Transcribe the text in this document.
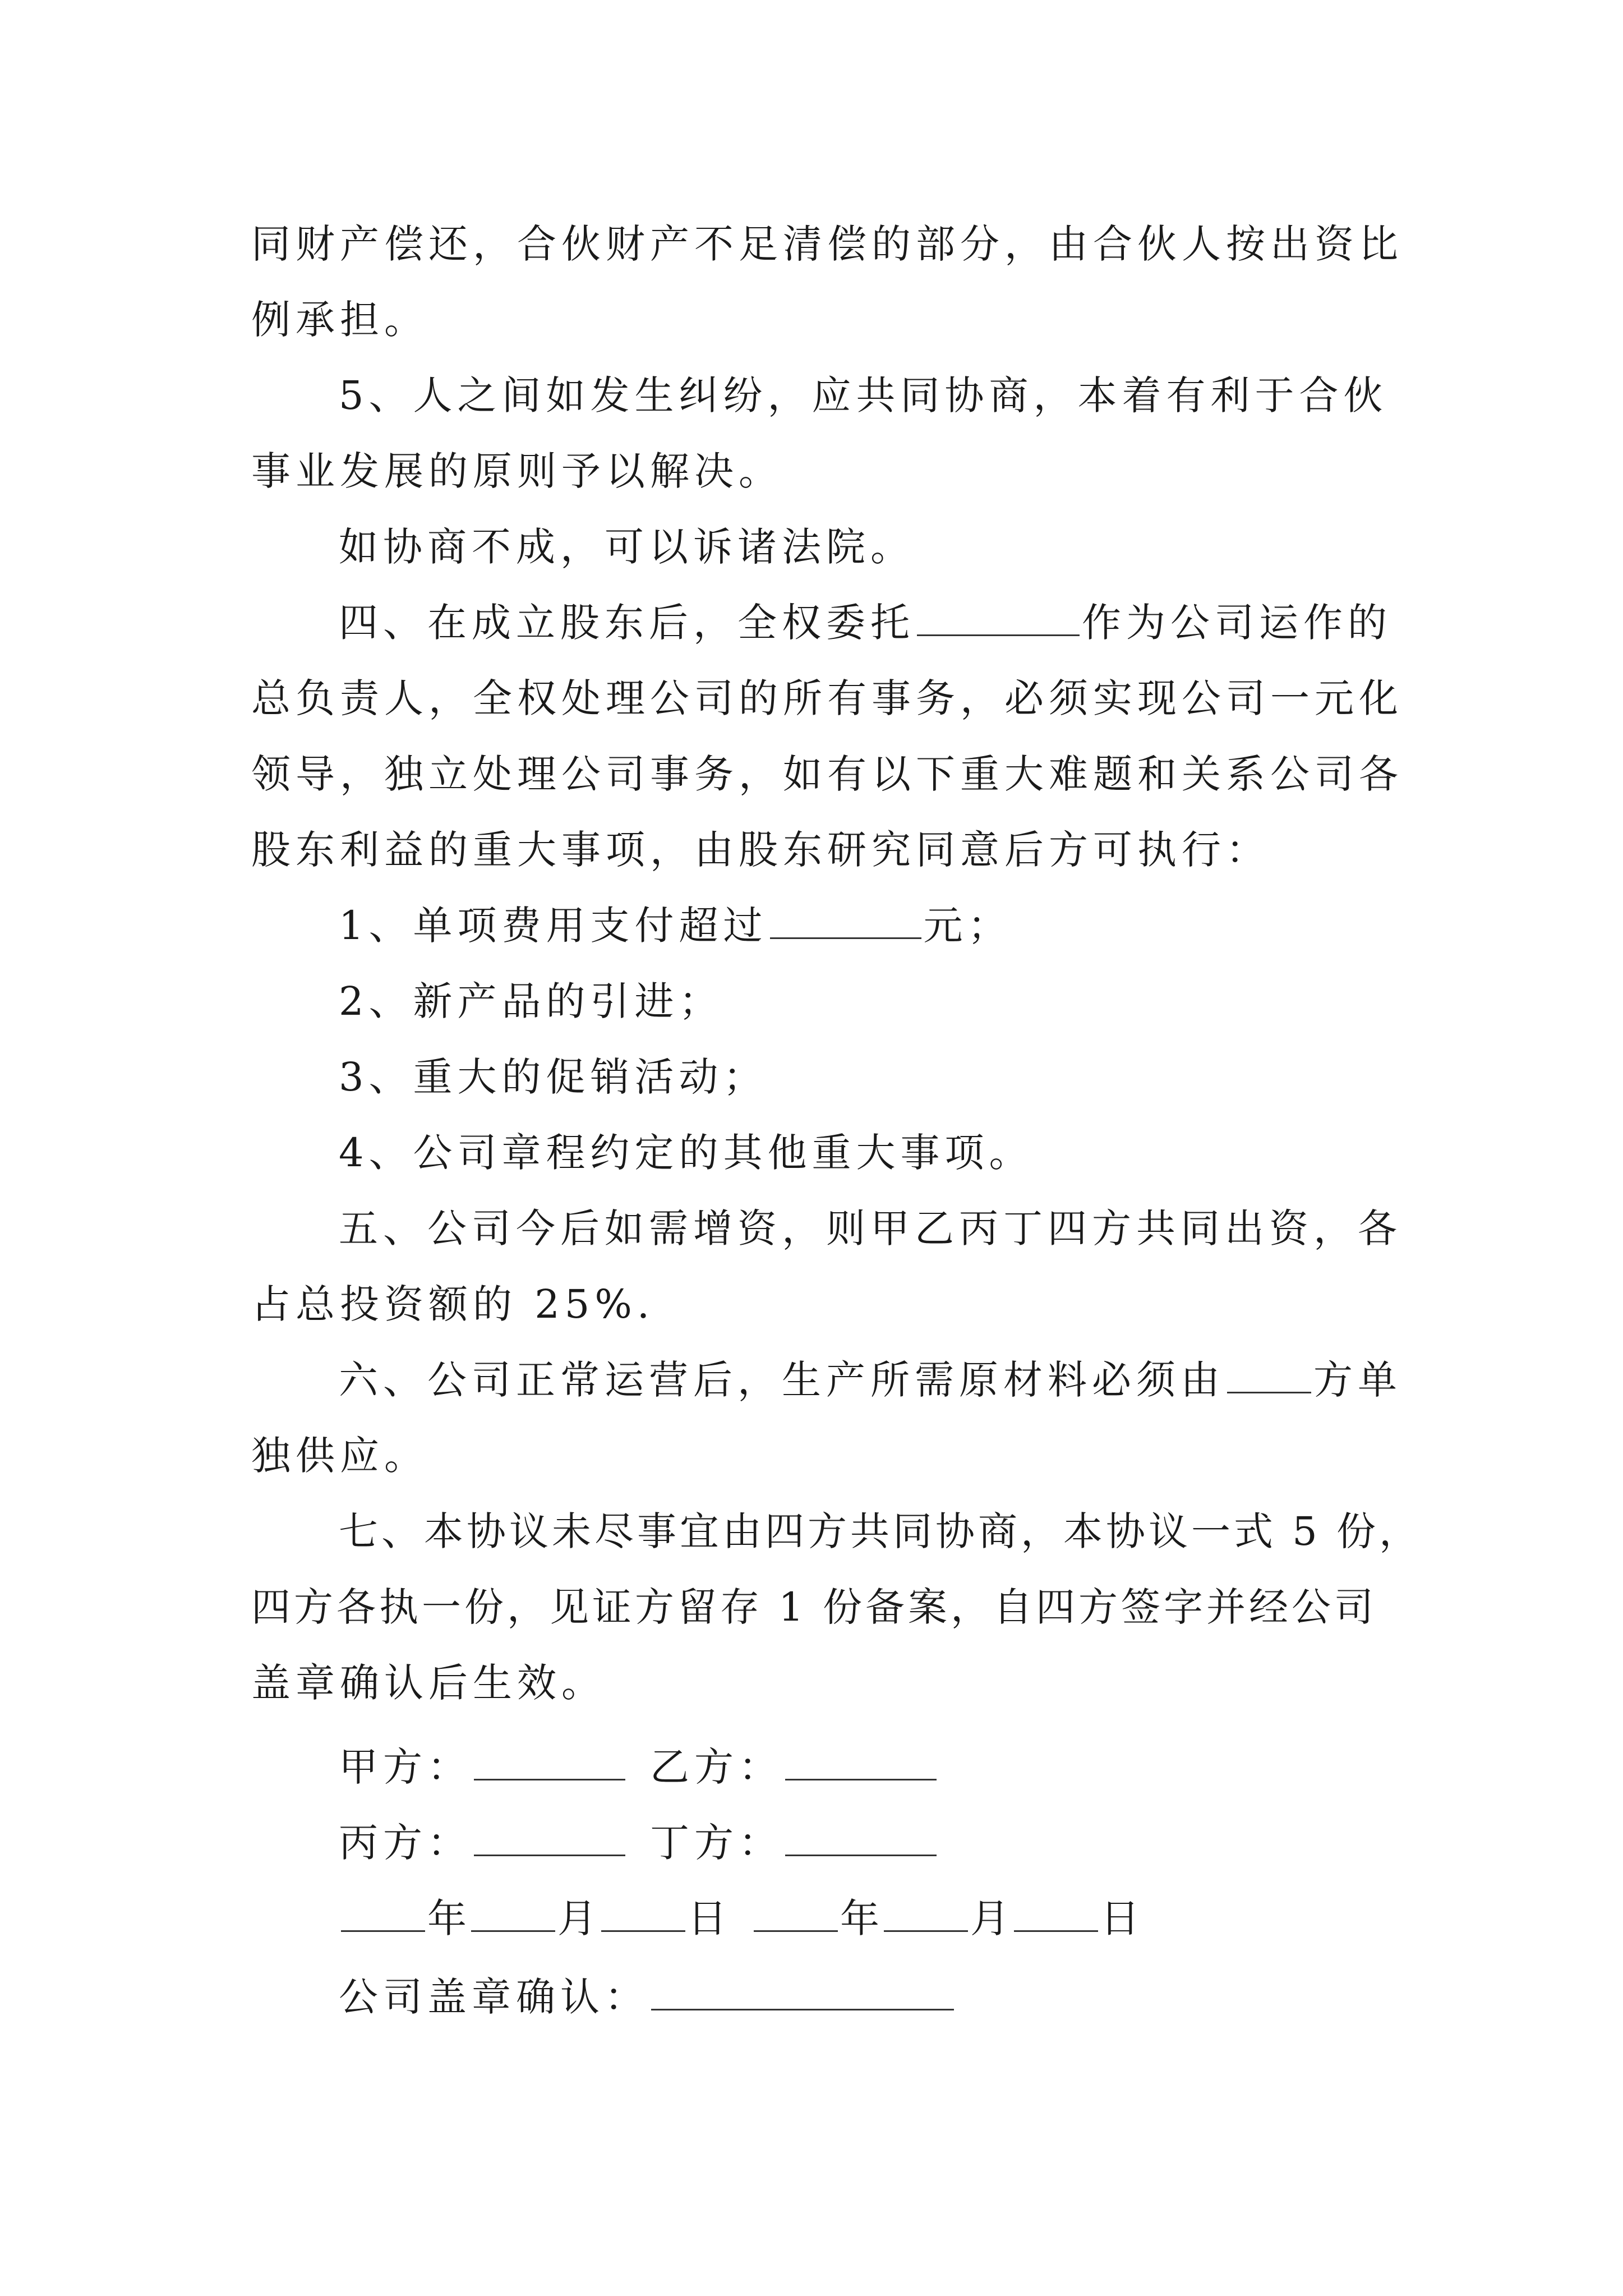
同财产偿还，合伙财产不足清偿的部分，由合伙人按出资比
例承担。
5、人之间如发生纠纷，应共同协商，本着有利于合伙
事业发展的原则予以解决。
如协商不成，可以诉诸法院。
四、在成立股东后，全权委托	作为公司运作的
总负责人，全权处理公司的所有事务，必须实现公司一元化
领导，独立处理公司事务，如有以下重大难题和关系公司各
股东利益的重大事项，由股东研究同意后方可执行：
1、单项费用支付超过	元；
2、新产品的引进；
3、重大的促销活动；
4、公司章程约定的其他重大事项。
五、公司今后如需增资，则甲乙丙丁四方共同出资，各
占总投资额的 25%.
六、公司正常运营后，生产所需原材料必须由 方单
独供应。
七、本协议未尽事宜由四方共同协商，本协议一式 5 份，
四方各执一份，见证方留存 1 份备案，自四方签字并经公司
盖章确认后生效。
甲方：	乙方：
丙方：	丁方：
年 月 日	年 月 日
公司盖章确认：
